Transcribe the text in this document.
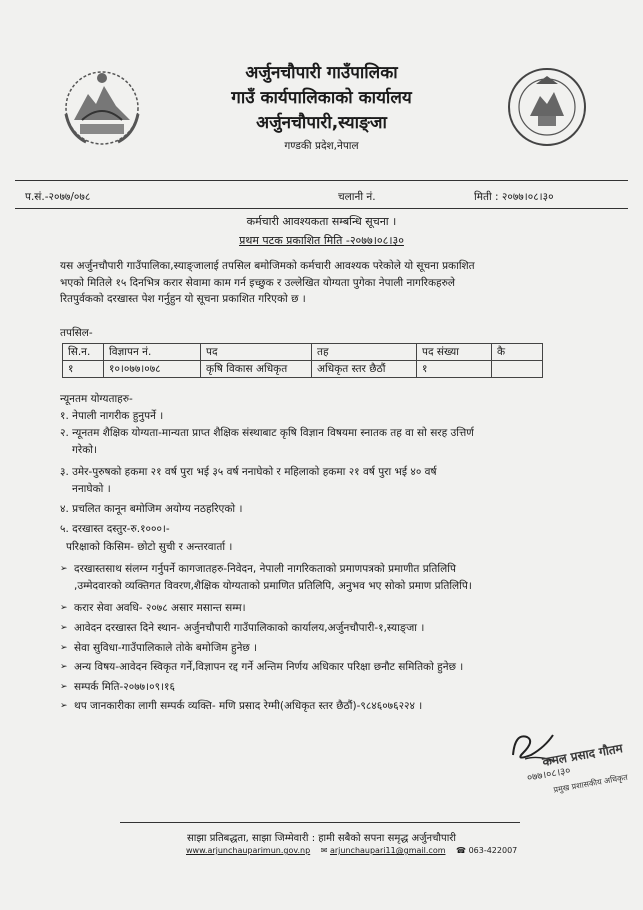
अर्जुनचौपारी गाउँपालिका
गाउँ कार्यपालिकाको कार्यालय
अर्जुनचौपारी,स्याङ्जा
गण्डकी प्रदेश,नेपाल
प.सं.-२०७७/०७८	चलानी नं.	मिती : २०७७।०८।३०
कर्मचारी आवश्यकता सम्बन्धि सूचना ।
प्रथम पटक प्रकाशित मिति -२०७७।०८।३०
यस अर्जुनचौपारी गाउँपालिका,स्याङ्जालाई तपसिल बमोजिमको कर्मचारी आवश्यक परेकोले यो सूचना प्रकाशित
भएको मितिले १५ दिनभित्र करार सेवामा काम गर्न इच्छुक र उल्लेखित योग्यता पुगेका नेपाली नागरिकहरुले
रितपुर्वकको दरखास्त पेश गर्नुहुन यो सूचना प्रकाशित गरिएको छ ।
तपसिल-
सि.न.	विज्ञापन नं.	पद	तह	पद संख्या	कै
१	१०।०७७।०७८	कृषि विकास अधिकृत	अधिकृत स्तर छैठौं	१	
न्यूनतम योग्यताहरु-
१. नेपाली नागरीक हुनुपर्ने ।
२. न्यूनतम शैक्षिक योग्यता-मान्यता प्राप्त शैक्षिक संस्थाबाट कृषि विज्ञान विषयमा स्नातक तह वा सो सरह उत्तिर्ण
गरेको।
३. उमेर-पुरुषको हकमा २१ वर्ष पुरा भई ३५ वर्ष ननाघेको र महिलाको हकमा २१ वर्ष पुरा भई ४० वर्ष
ननाघेको ।
४. प्रचलित कानून बमोजिम अयोग्य नठहरिएको ।
५. दरखास्त दस्तुर-रु.१०००।-
परिक्षाको किसिम- छोटो सुची र अन्तरवार्ता ।
➢ दरखास्तसाथ संलग्न गर्नुपर्ने कागजातहरु-निवेदन, नेपाली नागरिकताको प्रमाणपत्रको प्रमाणीत प्रतिलिपि
,उम्मेदवारको व्यक्तिगत विवरण,शैक्षिक योग्यताको प्रमाणित प्रतिलिपि, अनुभव भए सोको प्रमाण प्रतिलिपि।
➢ करार सेवा अवधि- २०७८ असार मसान्त सम्म।
➢ आवेदन दरखास्त दिने स्थान- अर्जुनचौपारी गाउँपालिकाको कार्यालय,अर्जुनचौपारी-१,स्याङ्जा ।
➢ सेवा सुविधा-गाउँपालिकाले तोके बमोजिम हुनेछ ।
➢ अन्य विषय-आवेदन स्विकृत गर्ने,विज्ञापन रद्द गर्ने अन्तिम निर्णय अधिकार परिक्षा छनौट समितिको हुनेछ ।
➢ सम्पर्क मिति-२०७७।०९।१६
➢ थप जानकारीका लागी सम्पर्क व्यक्ति- मणि प्रसाद रेग्मी(अधिकृत स्तर छैठौं)-९८४६०७६२२४ ।
०७७।०८।३०
कमल प्रसाद गौतम
प्रमुख प्रशासकीय अधिकृत
साझा प्रतिबद्धता, साझा जिम्मेवारी : हामी सबैको सपना समृद्ध अर्जुनचौपारी
www.arjunchauparimun.gov.np ✉ arjunchaupari11@gmail.com ☎ 063-422007
